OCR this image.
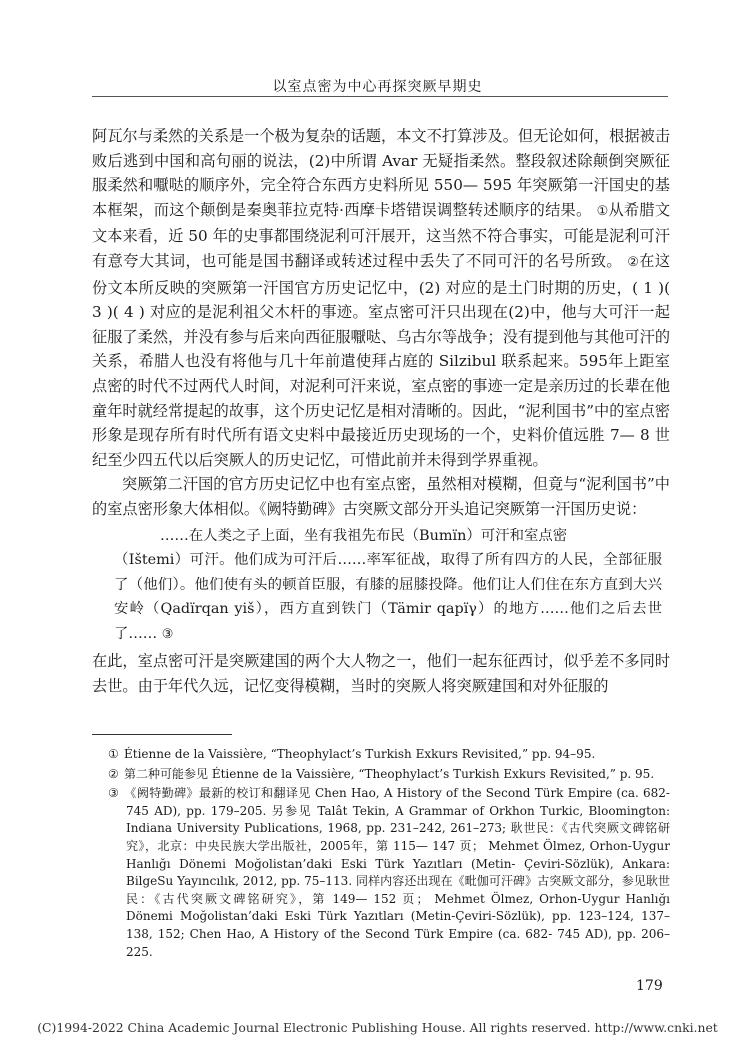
以室点密为中心再探突厥早期史

阿瓦尔与柔然的关系是一个极为复杂的话题，本文不打算涉及。但无论如何，根据被击败后逃到中国和高句丽的说法，(2)中所谓 Avar 无疑指柔然。整段叙述除颠倒突厥征服柔然和嚈哒的顺序外，完全符合东西方史料所见 550— 595 年突厥第一汗国史的基本框架，而这个颠倒是秦奥菲拉克特·西摩卡塔错误调整转述顺序的结果。 ①从希腊文文本来看，近 50 年的史事都围绕泥利可汗展开，这当然不符合事实，可能是泥利可汗有意夸大其词，也可能是国书翻译或转述过程中丢失了不同可汗的名号所致。 ②在这份文本所反映的突厥第一汗国官方历史记忆中，(2) 对应的是土门时期的历史，( 1 )( 3 )( 4 ) 对应的是泥利祖父木杆的事迹。室点密可汗只出现在(2)中，他与大可汗一起征服了柔然，并没有参与后来向西征服嚈哒、乌古尔等战争；没有提到他与其他可汗的关系，希腊人也没有将他与几十年前遣使拜占庭的 Silzibul 联系起来。595年上距室点密的时代不过两代人时间，对泥利可汗来说，室点密的事迹一定是亲历过的长辈在他童年时就经常提起的故事，这个历史记忆是相对清晰的。因此，“泥利国书”中的室点密形象是现存所有时代所有语文史料中最接近历史现场的一个，史料价值远胜 7— 8 世纪至少四五代以后突厥人的历史记忆，可惜此前并未得到学界重视。

突厥第二汗国的官方历史记忆中也有室点密，虽然相对模糊，但竟与“泥利国书”中的室点密形象大体相似。《阙特勤碑》古突厥文部分开头追记突厥第一汗国历史说：

……在人类之子上面，坐有我祖先布民（Bumïn）可汗和室点密
（Ištemi）可汗。他们成为可汗后……率军征战，取得了所有四方的人民，全部征服了（他们）。他们使有头的顿首臣服，有膝的屈膝投降。他们让人们住在东方直到大兴安岭（Qadïrqan yiš），西方直到铁门（Tämir qapïγ）的地方……他们之后去世了…… ③

在此，室点密可汗是突厥建国的两个大人物之一，他们一起东征西讨，似乎差不多同时去世。由于年代久远，记忆变得模糊，当时的突厥人将突厥建国和对外征服的

① Étienne de la Vaissière, “Theophylact’s Turkish Exkurs Revisited,” pp. 94–95.

② 第二种可能参见 Étienne de la Vaissière, “Theophylact’s Turkish Exkurs Revisited,” p. 95.

③ 《阙特勤碑》最新的校订和翻译见 Chen Hao, A History of the Second Türk Empire (ca. 682-745 AD), pp. 179–205. 另参见 Talât Tekin, A Grammar of Orkhon Turkic, Bloomington: Indiana University Publications, 1968, pp. 231–242, 261–273; 耿世民：《古代突厥文碑铭研究》，北京：中央民族大学出版社，2005年，第 115— 147 页； Mehmet Ölmez, Orhon-Uygur Hanlığı Dönemi Moğolistan’daki Eski Türk Yazıtları (Metin- Çeviri-Sözlük), Ankara: BilgeSu Yayıncılık, 2012, pp. 75–113. 同样内容还出现在《毗伽可汗碑》古突厥文部分，参见耿世民：《古代突厥文碑铭研究》，第 149— 152 页； Mehmet Ölmez, Orhon-Uygur Hanlığı Dönemi Moğolistan’daki Eski Türk Yazıtları (Metin-Çeviri-Sözlük), pp. 123–124, 137–138, 152; Chen Hao, A History of the Second Türk Empire (ca. 682- 745 AD), pp. 206–225.

179
(C)1994-2022 China Academic Journal Electronic Publishing House. All rights reserved. http://www.cnki.net
